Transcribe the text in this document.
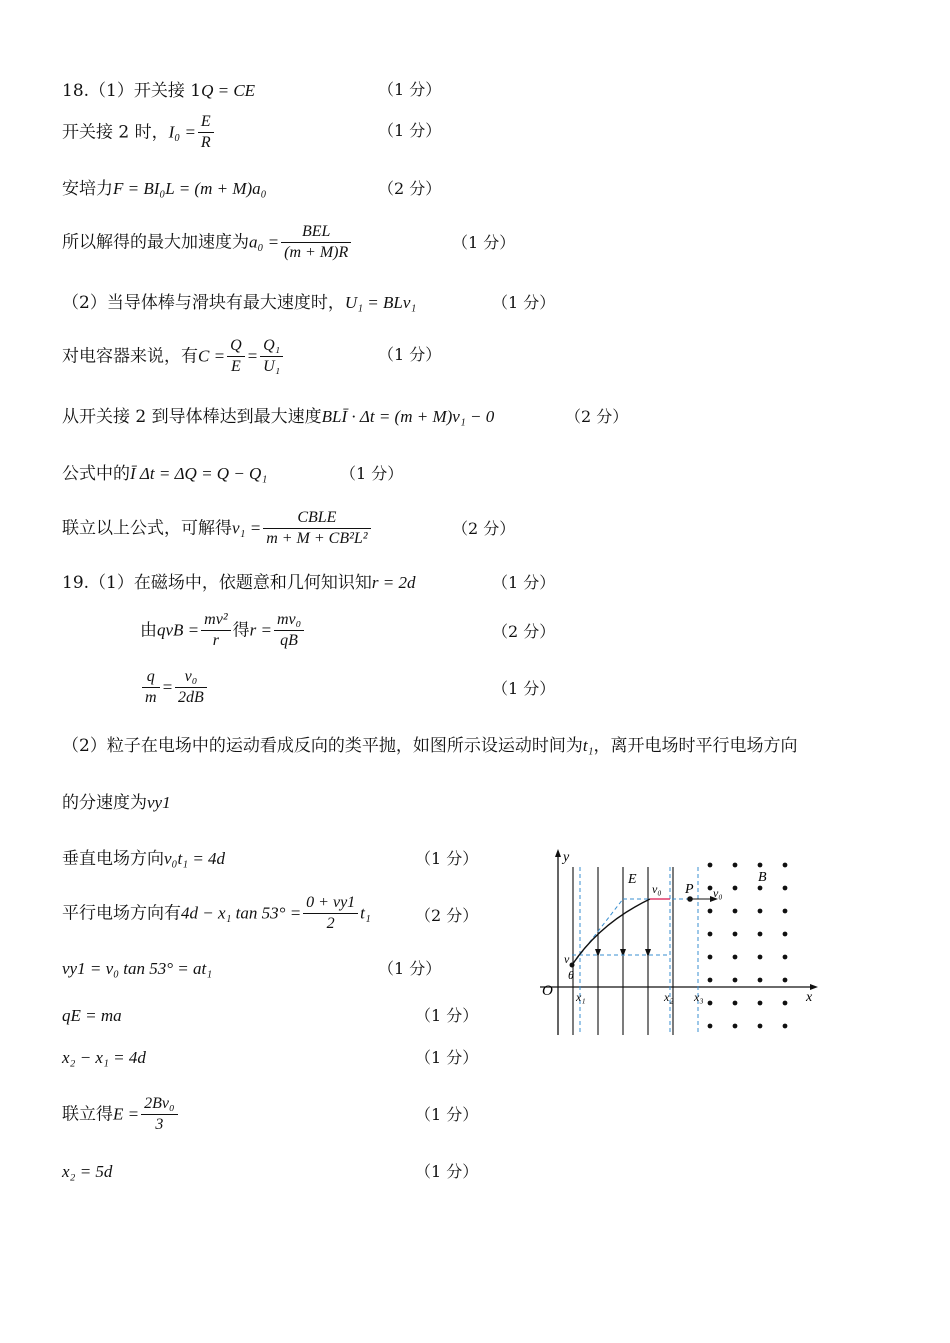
18.（1）开关接 1Q = CE	（1 分）
开关接 2 时，$I_0 = \frac{E}{R}$	（1 分）
安培力F = BI₀L = (m + M)a₀	（2 分）
所以解得的最大加速度为$a_0 = \frac{\text{BEL}}{(m + M)R}$	（1 分）
（2）当导体棒与滑块有最大速度时，U₁ = BLv₁	（1 分）
对电容器来说，有$C = \frac{Q}{E} = \frac{\text{Q₁}}{\text{U₁}}$	（1 分）
从开关接 2 到导体棒达到最大速度BLĪ · Δt = (m + M)v₁ − 0	（2 分）
公式中的Ī Δt = ΔQ = Q − Q₁	（1 分）
联立以上公式，可解得$v_1 = \frac{\text{CBLE}}{\text{m + M + CB²L²}}$	（2 分）
19.（1）在磁场中，依题意和几何知识知r = 2d	（1 分）
由qvB = $\frac{\text{mv²}}{r}$ 得$r = \frac{\text{mv₀}}{qB}$	（2 分）
$\frac{q}{m} = \frac{\text{v₀}}{2dB}$	（1 分）
（2）粒子在电场中的运动看成反向的类平抛，如图所示设运动时间为t₁，离开电场时平行电场方向
的分速度为vy1
垂直电场方向v₀t₁ = 4d	（1 分）
平行电场方向有4d − x₁ $\tan 53^\circ = \frac{0 + vy1}{2} t_1$	（2 分）
vy1 = v₀ tan 53° = at₁	（1 分）
qE = ma	（1 分）
x₂ − x₁ = 4d	（1 分）
联立得$E = \frac{\text{2Bv₀}}{3}$	（1 分）
x₂ = 5d	（1 分）
y
x
O
E
v₀ P v₀
B
v
θ
x₁	x₂ x₃
